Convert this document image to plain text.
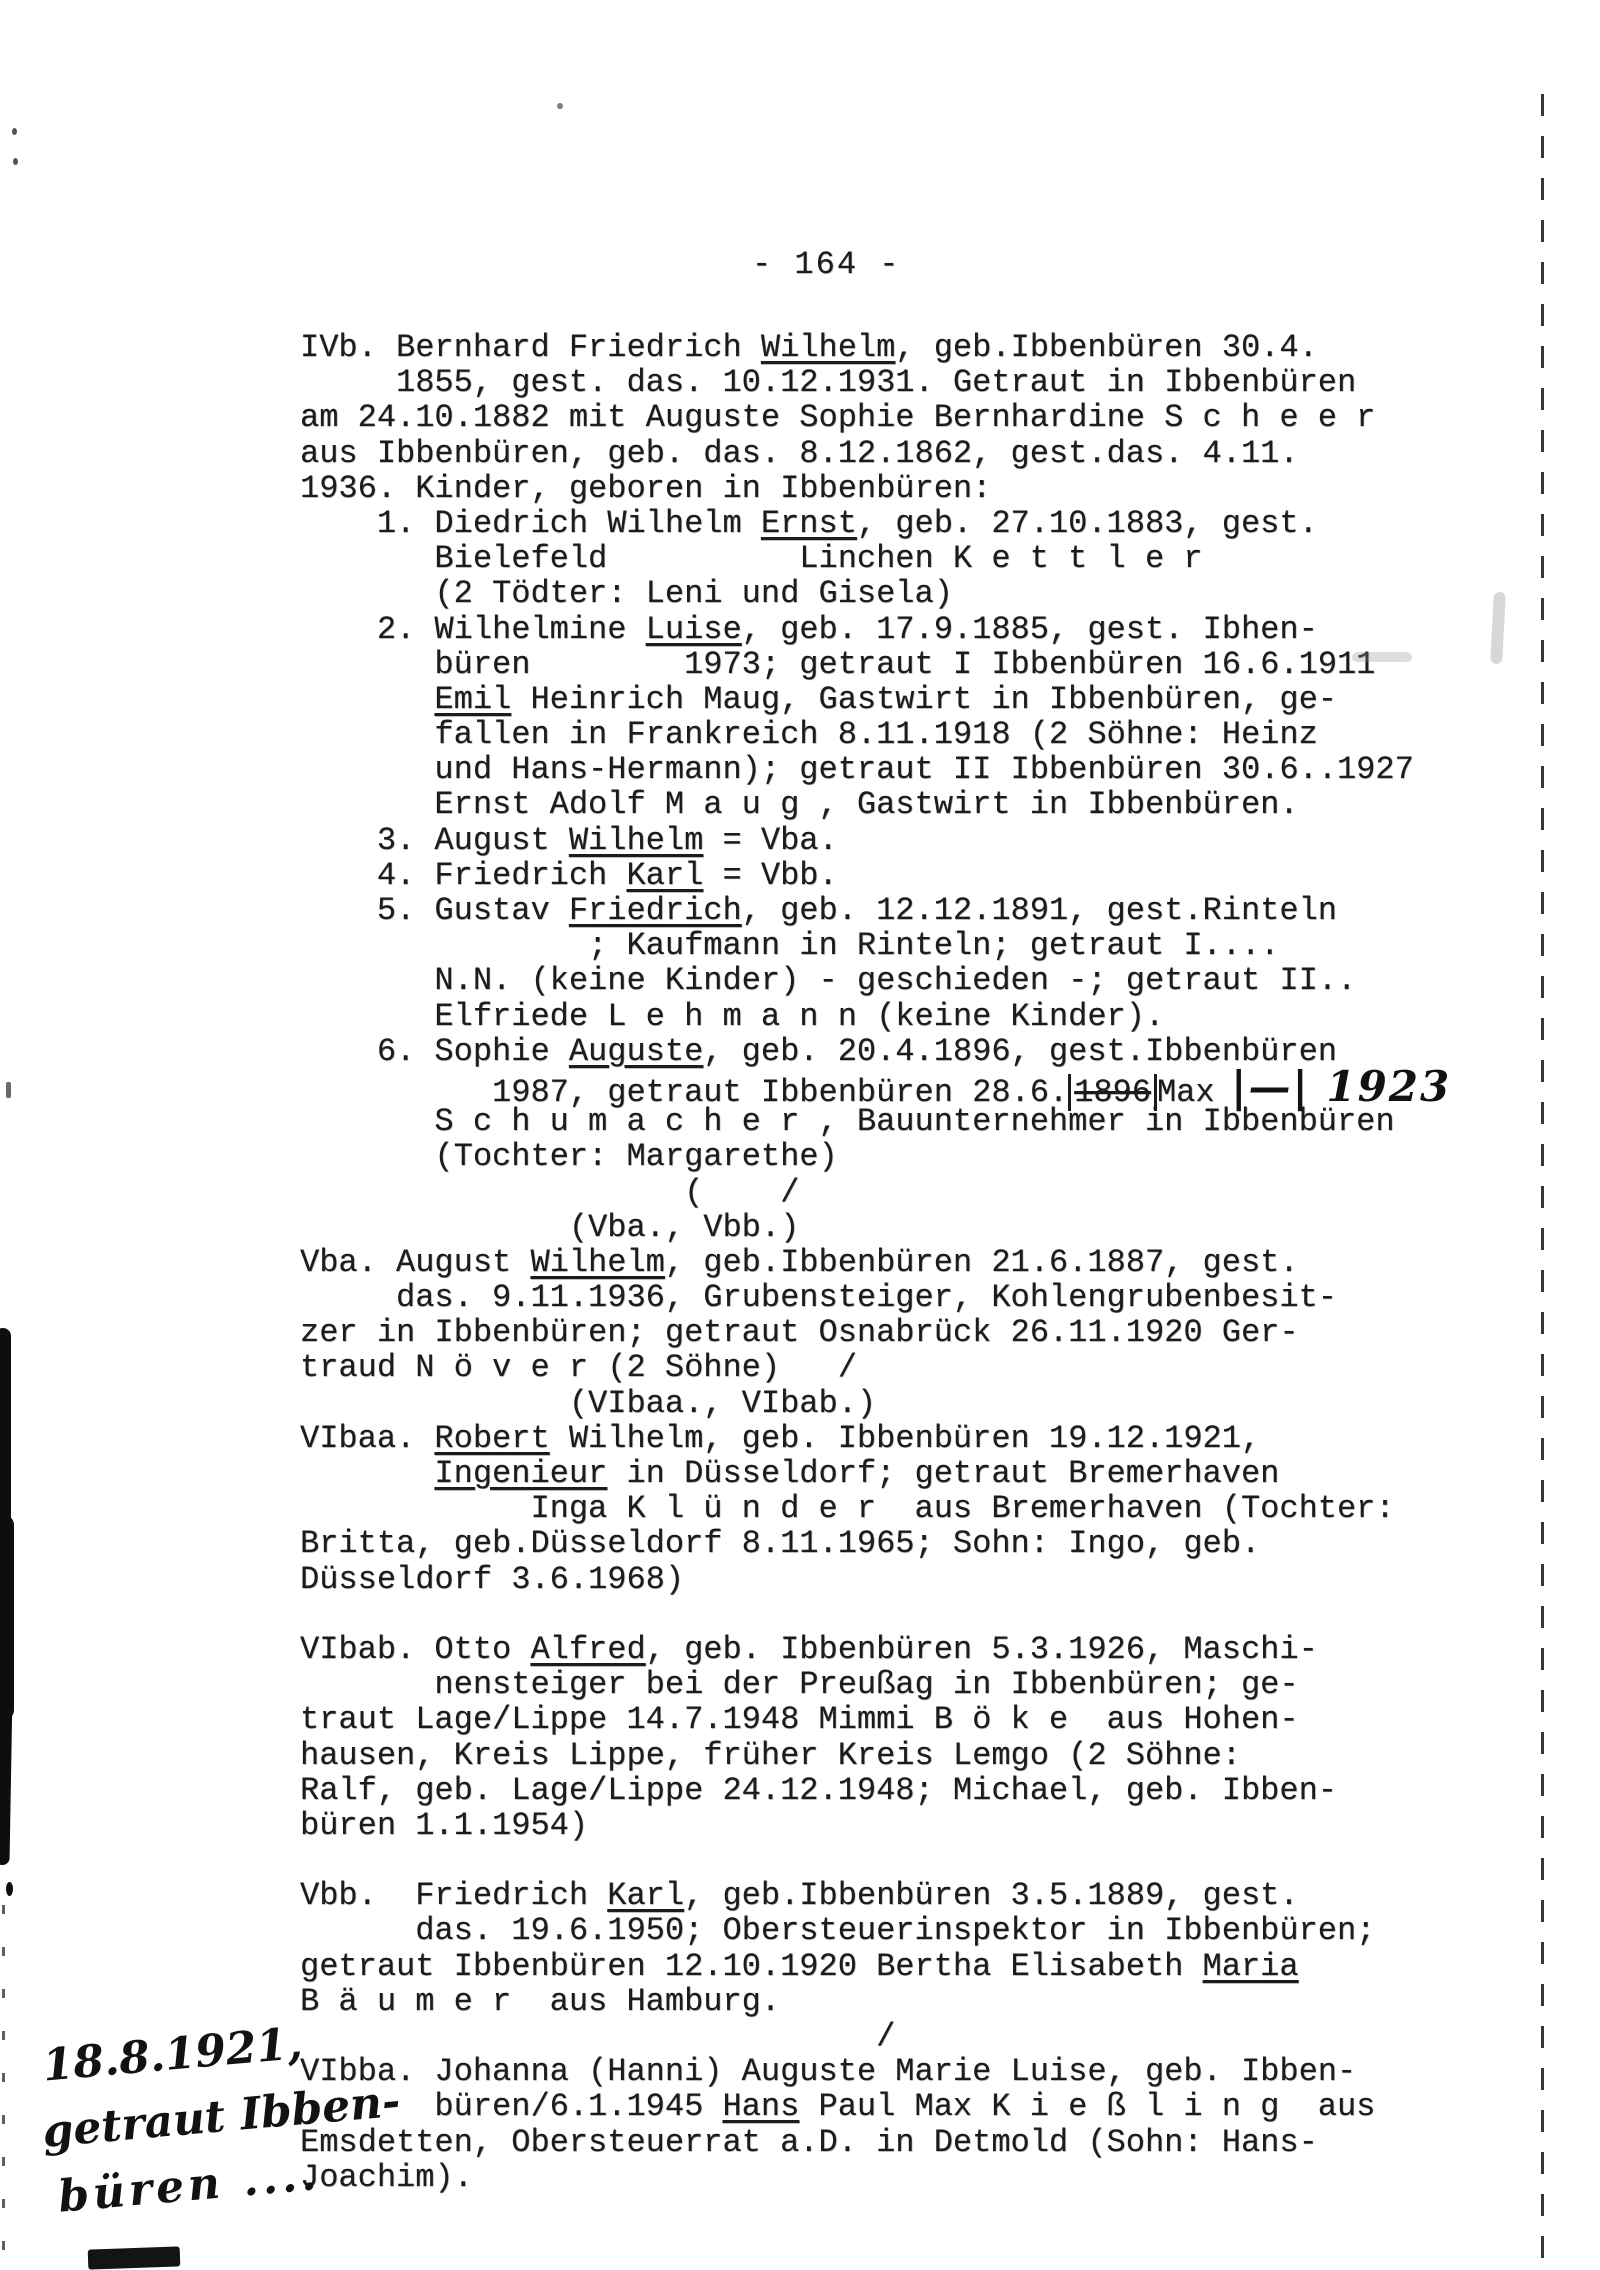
- 164 -
IVb. Bernhard Friedrich Wilhelm, geb.Ibbenbüren 30.4.
1855, gest. das. 10.12.1931. Getraut in Ibbenbüren
am 24.10.1882 mit Auguste Sophie Bernhardine S c h e e r
aus Ibbenbüren, geb. das. 8.12.1862, gest.das. 4.11.
1936. Kinder, geboren in Ibbenbüren:
1. Diedrich Wilhelm Ernst, geb. 27.10.1883, gest.
Bielefeld          Linchen K e t t l e r
(2 Tödter: Leni und Gisela)
2. Wilhelmine Luise, geb. 17.9.1885, gest. Ibhen-
büren        1973; getraut I Ibbenbüren 16.6.1911
Emil Heinrich Maug, Gastwirt in Ibbenbüren, ge-
fallen in Frankreich 8.11.1918 (2 Söhne: Heinz
und Hans-Hermann); getraut II Ibbenbüren 30.6..1927
Ernst Adolf M a u g , Gastwirt in Ibbenbüren.
3. August Wilhelm = Vba.
4. Friedrich Karl = Vbb.
5. Gustav Friedrich, geb. 12.12.1891, gest.Rinteln
; Kaufmann in Rinteln; getraut I....
N.N. (keine Kinder) - geschieden -; getraut II..
Elfriede L e h m a n n (keine Kinder).
6. Sophie Auguste, geb. 20.4.1896, gest.Ibbenbüren
1987, getraut Ibbenbüren 28.6. 1896 Max |—| 1923
S c h u m a c h e r , Bauunternehmer in Ibbenbüren
(Tochter: Margarethe)
(    /
(Vba., Vbb.)
Vba. August Wilhelm, geb.Ibbenbüren 21.6.1887, gest.
das. 9.11.1936, Grubensteiger, Kohlengrubenbesit-
zer in Ibbenbüren; getraut Osnabrück 26.11.1920 Ger-
traud N ö v e r (2 Söhne)   /
(VIbaa., VIbab.)
VIbaa. Robert Wilhelm, geb. Ibbenbüren 19.12.1921,
Ingenieur in Düsseldorf; getraut Bremerhaven
Inga K l ü n d e r  aus Bremerhaven (Tochter:
Britta, geb.Düsseldorf 8.11.1965; Sohn: Ingo, geb.
Düsseldorf 3.6.1968)

VIbab. Otto Alfred, geb. Ibbenbüren 5.3.1926, Maschi-
nensteiger bei der Preußag in Ibbenbüren; ge-
traut Lage/Lippe 14.7.1948 Mimmi B ö k e  aus Hohen-
hausen, Kreis Lippe, früher Kreis Lemgo (2 Söhne:
Ralf, geb. Lage/Lippe 24.12.1948; Michael, geb. Ibben-
büren 1.1.1954)

Vbb.  Friedrich Karl, geb.Ibbenbüren 3.5.1889, gest.
das. 19.6.1950; Obersteuerinspektor in Ibbenbüren;
getraut Ibbenbüren 12.10.1920 Bertha Elisabeth Maria
B ä u m e r  aus Hamburg.
/
VIbba. Johanna (Hanni) Auguste Marie Luise, geb. Ibben-
büren/6.1.1945 Hans Paul Max K i e ß l i n g  aus
Emsdetten, Obersteuerrat a.D. in Detmold (Sohn: Hans-
Joachim).
18.8.1921,
getraut Ibben-
büren ....
